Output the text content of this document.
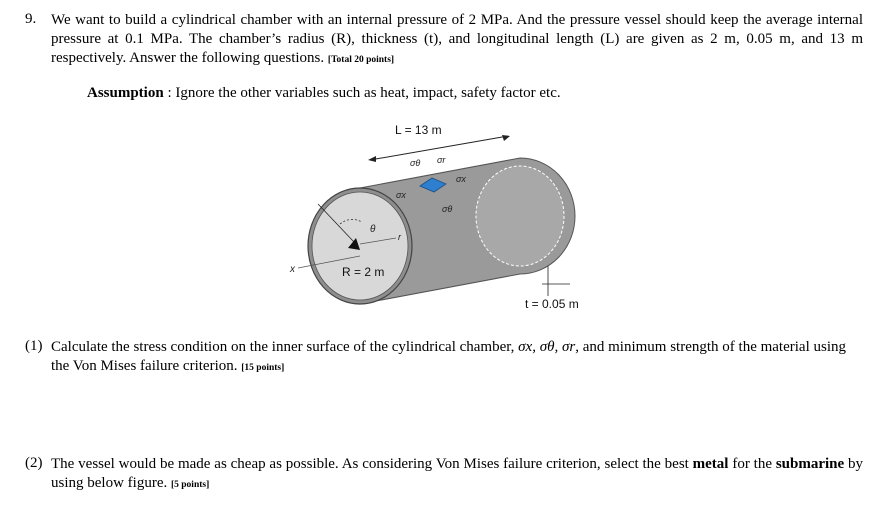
9. We want to build a cylindrical chamber with an internal pressure of 2 MPa. And the pressure vessel should keep the average internal pressure at 0.1 MPa. The chamber’s radius (R), thickness (t), and longitudinal length (L) are given as 2 m, 0.05 m, and 13 m respectively. Answer the following questions. [Total 20 points]
Assumption : Ignore the other variables such as heat, impact, safety factor etc.
L = 13 m
θ
r
R = 2 m
x
σθ σr
σx
σx
σθ
t = 0.05 m
(1) Calculate the stress condition on the inner surface of the cylindrical chamber, σx, σθ, σr, and minimum strength of the material using the Von Mises failure criterion. [15 points]
(2) The vessel would be made as cheap as possible. As considering Von Mises failure criterion, select the best metal for the submarine by using below figure. [5 points]
